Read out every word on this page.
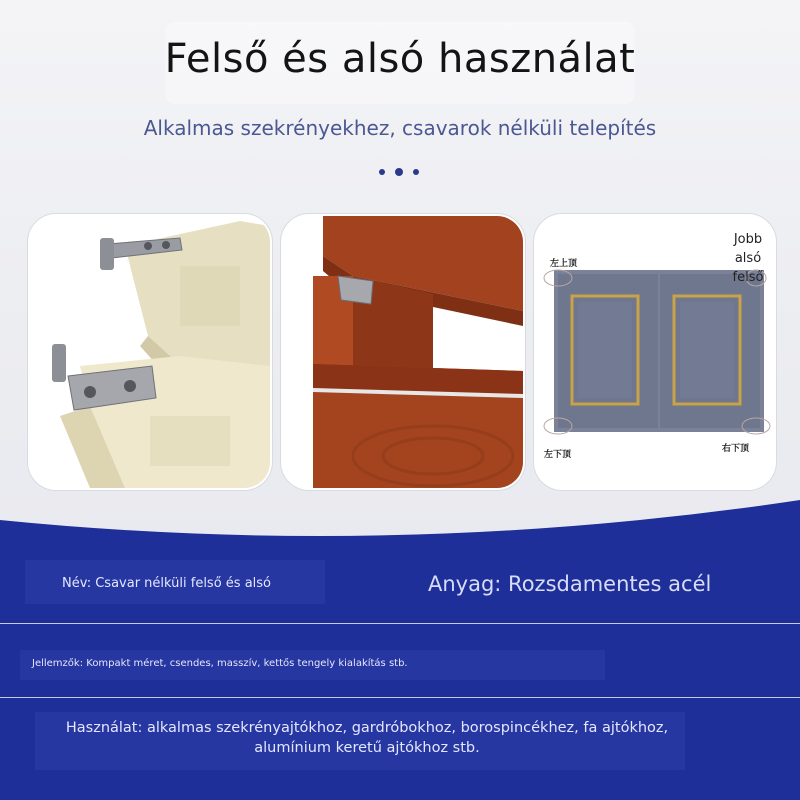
Felső és alsó használat
Alkalmas szekrényekhez, csavarok nélküli telepítés
左上顶
左下顶
右下顶
Jobb
alsó
felső
Név: Csavar nélküli felső és alsó	Anyag: Rozsdamentes acél
Jellemzők: Kompakt méret, csendes, masszív, kettős tengely kialakítás stb.
Használat: alkalmas szekrényajtókhoz, gardróbokhoz, borospincékhez, fa ajtókhoz,
alumínium keretű ajtókhoz stb.
